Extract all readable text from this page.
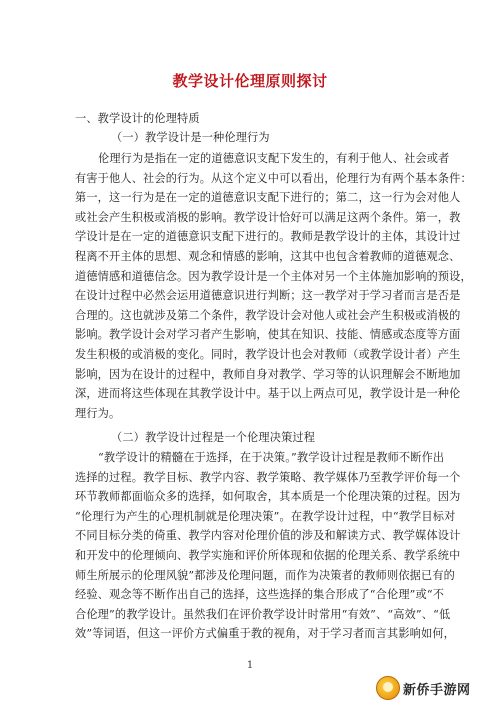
教学设计伦理原则探讨
一、教学设计的伦理特质
（一）教学设计是一种伦理行为
伦理行为是指在一定的道德意识支配下发生的，有利于他人、社会或者
有害于他人、社会的行为。从这个定义中可以看出，伦理行为有两个基本条件：
第一，这一行为是在一定的道德意识支配下进行的；第二，这一行为会对他人
或社会产生积极或消极的影响。教学设计恰好可以满足这两个条件。第一，教
学设计是在一定的道德意识支配下进行的。教师是教学设计的主体，其设计过
程离不开主体的思想、观念和情感的影响，这其中也包含着教师的道德观念、
道德情感和道德信念。因为教学设计是一个主体对另一个主体施加影响的预设，
在设计过程中必然会运用道德意识进行判断；这一教学对于学习者而言是否是
合理的。这也就涉及第二个条件，教学设计会对他人或社会产生积极或消极的
影响。教学设计会对学习者产生影响，使其在知识、技能、情感或态度等方面
发生积极的或消极的变化。同时，教学设计也会对教师（或教学设计者）产生
影响，因为在设计的过程中，教师自身对教学、学习等的认识理解会不断地加
深，进而将这些体现在其教学设计中。基于以上两点可见，教学设计是一种伦
理行为。
（二）教学设计过程是一个伦理决策过程
“教学设计的精髓在于选择，在于决策。”教学设计过程是教师不断作出
选择的过程。教学目标、教学内容、教学策略、教学媒体乃至教学评价每一个
环节教师都面临众多的选择，如何取舍，其本质是一个伦理决策的过程。因为
“伦理行为产生的心理机制就是伦理决策”。在教学设计过程，中“教学目标对
不同目标分类的倚重、教学内容对伦理价值的涉及和解读方式、教学媒体设计
和开发中的伦理倾向、教学实施和评价所体现和依据的伦理关系、教学系统中
师生所展示的伦理风貌”都涉及伦理问题，而作为决策者的教师则依据已有的
经验、观念等不断作出自己的选择，这些选择的集合形成了“合伦理”或“不
合伦理”的教学设计。虽然我们在评价教学设计时常用“有效”、“高效”、“低
效”等词语，但这一评价方式偏重于教的视角，对于学习者而言其影响如何，
1
新侨手游网
